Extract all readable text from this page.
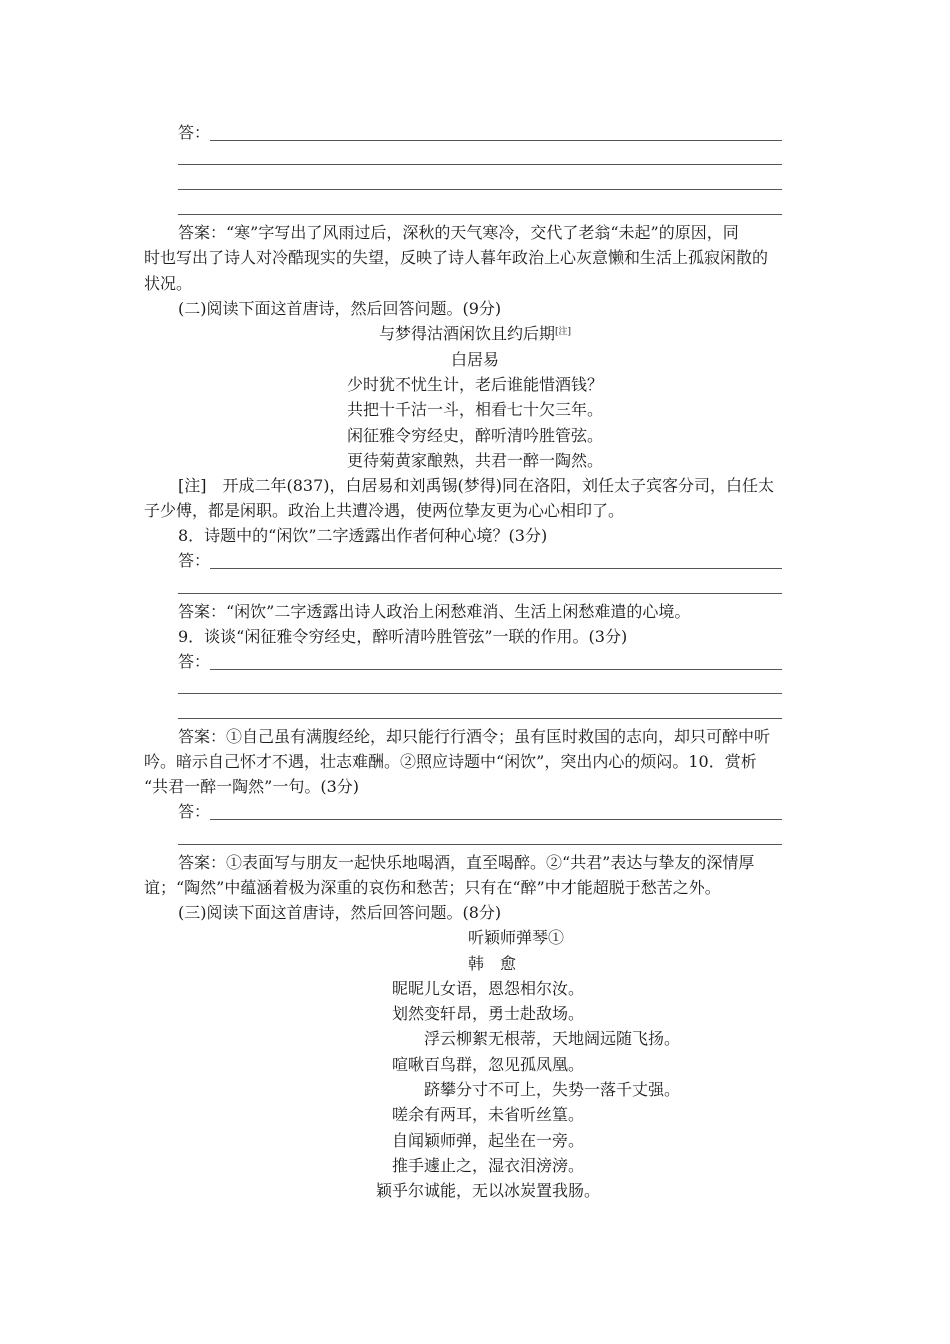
答：
答案：“寒”字写出了风雨过后，深秋的天气寒冷，交代了老翁“未起”的原因，同
时也写出了诗人对冷酷现实的失望，反映了诗人暮年政治上心灰意懒和生活上孤寂闲散的
状况。
(二)阅读下面这首唐诗，然后回答问题。(9分)
与梦得沽酒闲饮且约后期[注]
白居易
少时犹不忧生计，老后谁能惜酒钱？
共把十千沽一斗，相看七十欠三年。
闲征雅令穷经史，醉听清吟胜管弦。
更待菊黄家酿熟，共君一醉一陶然。
[注]　开成二年(837)，白居易和刘禹锡(梦得)同在洛阳，刘任太子宾客分司，白任太
子少傅，都是闲职。政治上共遭冷遇，使两位挚友更为心心相印了。
8．诗题中的“闲饮”二字透露出作者何种心境？(3分)
答：
答案：“闲饮”二字透露出诗人政治上闲愁难消、生活上闲愁难遣的心境。
9．谈谈“闲征雅令穷经史，醉听清吟胜管弦”一联的作用。(3分)
答：
答案：①自己虽有满腹经纶，却只能行行酒令；虽有匡时救国的志向，却只可醉中听
吟。暗示自己怀才不遇，壮志难酬。②照应诗题中“闲饮”，突出内心的烦闷。10．赏析
“共君一醉一陶然”一句。(3分)
答：
答案：①表面写与朋友一起快乐地喝酒，直至喝醉。②“共君”表达与挚友的深情厚
谊；“陶然”中蕴涵着极为深重的哀伤和愁苦；只有在“醉”中才能超脱于愁苦之外。
(三)阅读下面这首唐诗，然后回答问题。(8分)
听颖师弹琴①
韩　愈
昵昵儿女语，恩怨相尔汝。
划然变轩昂，勇士赴敌场。
浮云柳絮无根蒂，天地阔远随飞扬。
喧啾百鸟群，忽见孤凤凰。
跻攀分寸不可上，失势一落千丈强。
嗟余有两耳，未省听丝篁。
自闻颖师弹，起坐在一旁。
推手遽止之，湿衣泪滂滂。
颖乎尔诚能，无以冰炭置我肠。
